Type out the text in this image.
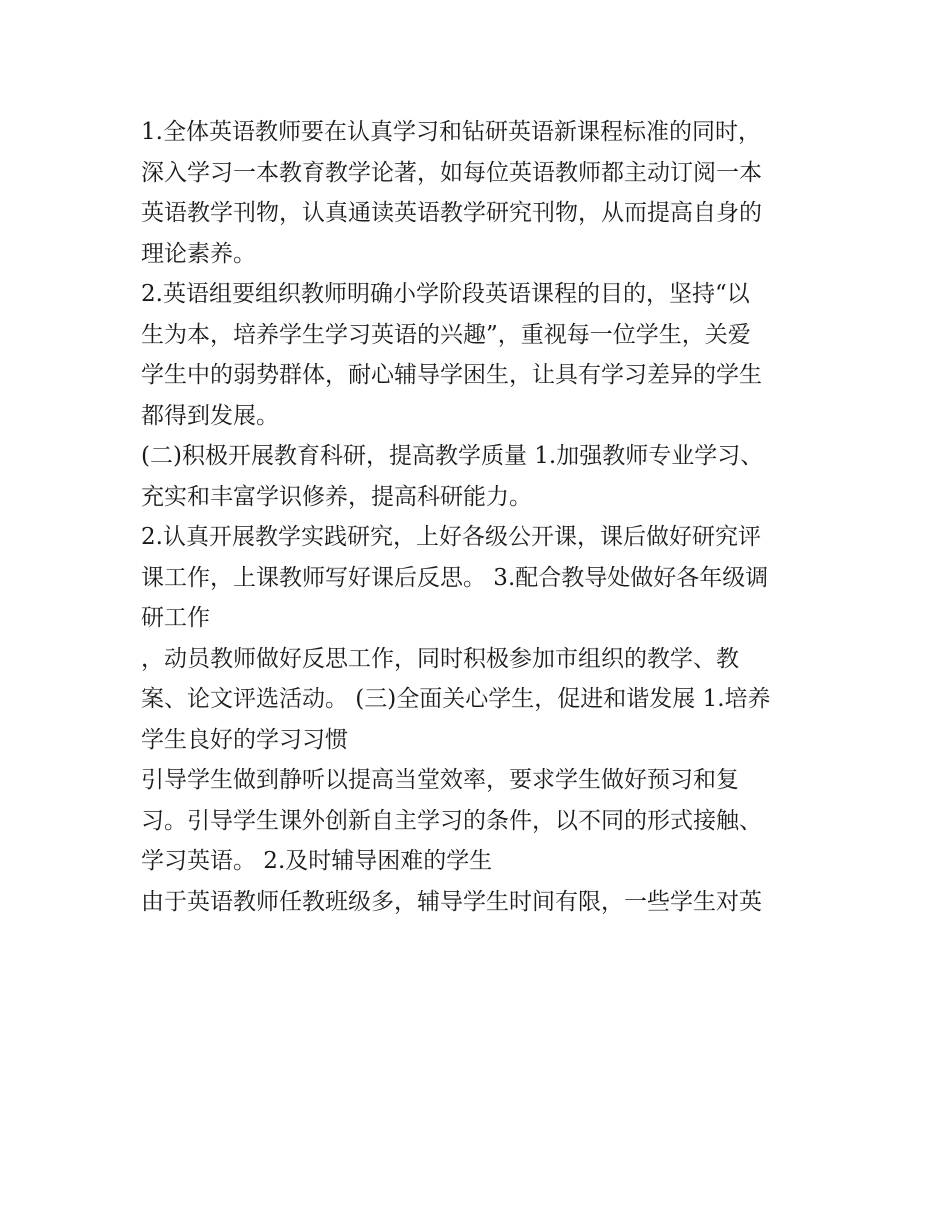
1.全体英语教师要在认真学习和钻研英语新课程标准的同时，
深入学习一本教育教学论著，如每位英语教师都主动订阅一本
英语教学刊物，认真通读英语教学研究刊物，从而提高自身的
理论素养。
2.英语组要组织教师明确小学阶段英语课程的目的，坚持“以
生为本，培养学生学习英语的兴趣”，重视每一位学生，关爱
学生中的弱势群体，耐心辅导学困生，让具有学习差异的学生
都得到发展。
(二)积极开展教育科研，提高教学质量 1.加强教师专业学习、
充实和丰富学识修养，提高科研能力。
2.认真开展教学实践研究，上好各级公开课，课后做好研究评
课工作，上课教师写好课后反思。 3.配合教导处做好各年级调
研工作
，动员教师做好反思工作，同时积极参加市组织的教学、教
案、论文评选活动。 (三)全面关心学生，促进和谐发展 1.培养
学生良好的学习习惯
引导学生做到静听以提高当堂效率，要求学生做好预习和复
习。引导学生课外创新自主学习的条件，以不同的形式接触、
学习英语。 2.及时辅导困难的学生
由于英语教师任教班级多，辅导学生时间有限，一些学生对英
